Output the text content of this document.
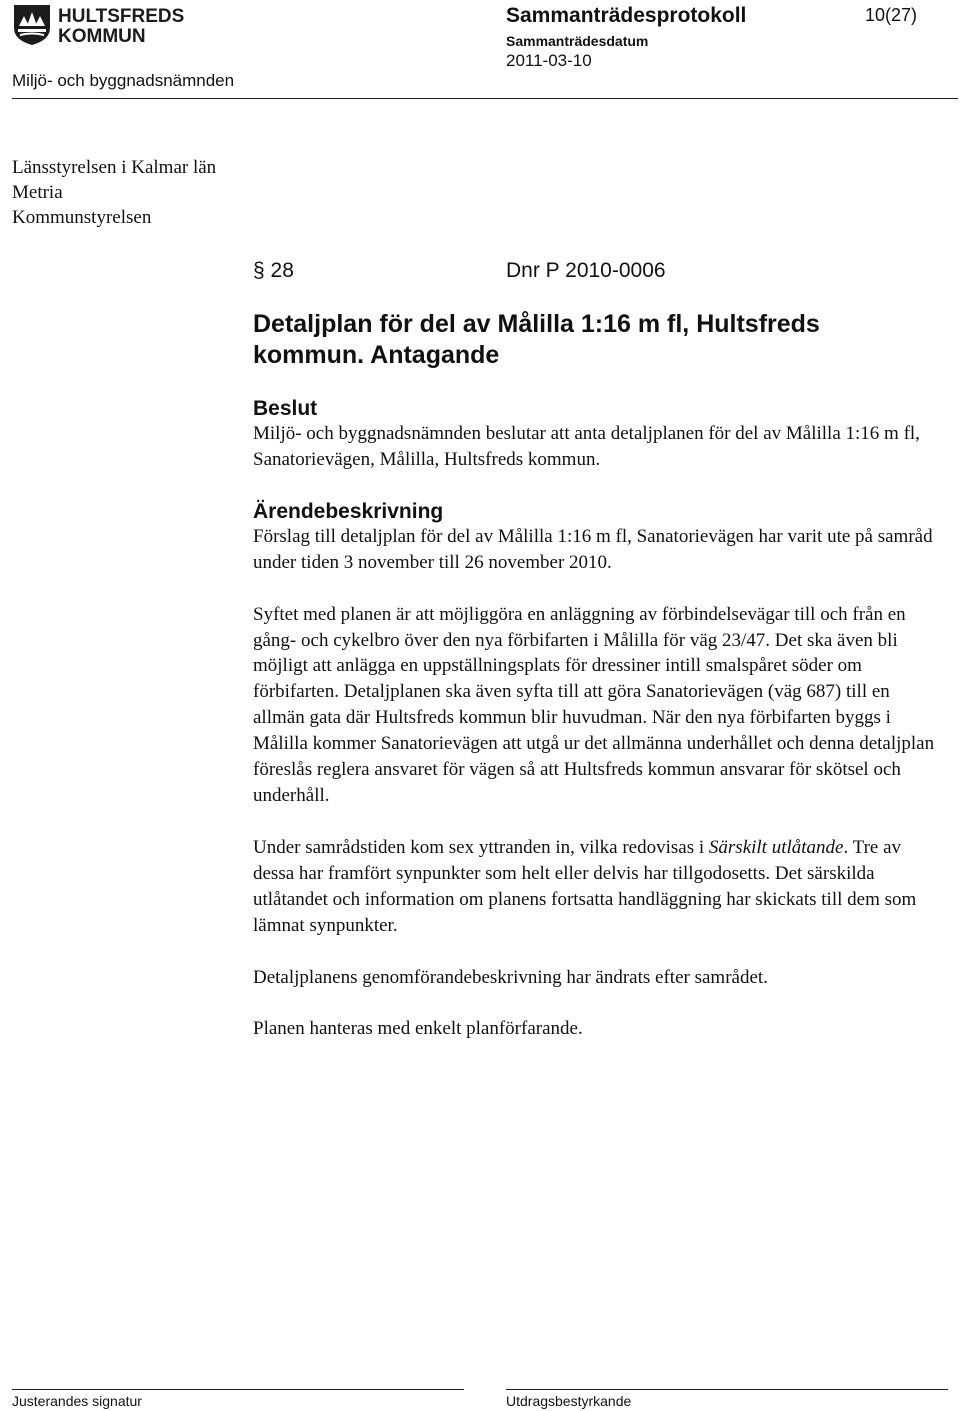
HULTSFREDS
KOMMUN
Sammanträdesprotokoll	10(27)
Sammanträdesdatum
2011-03-10
Miljö- och byggnadsnämnden
Länsstyrelsen i Kalmar län
Metria
Kommunstyrelsen
§ 28	Dnr P 2010-0006
Detaljplan för del av Målilla 1:16 m fl, Hultsfreds kommun. Antagande
Beslut

Miljö- och byggnadsnämnden beslutar att anta detaljplanen för del av Målilla 1:16 m fl, Sanatorievägen, Målilla, Hultsfreds kommun.

Ärendebeskrivning

Förslag till detaljplan för del av Målilla 1:16 m fl, Sanatorievägen har varit ute på samråd under tiden 3 november till 26 november 2010.

Syftet med planen är att möjliggöra en anläggning av förbindelsevägar till och från en gång- och cykelbro över den nya förbifarten i Målilla för väg 23/47. Det ska även bli möjligt att anlägga en uppställningsplats för dressiner intill smalspåret söder om förbifarten. Detaljplanen ska även syfta till att göra Sanatorievägen (väg 687) till en allmän gata där Hultsfreds kommun blir huvudman. När den nya förbifarten byggs i Målilla kommer Sanatorievägen att utgå ur det allmänna underhållet och denna detaljplan föreslås reglera ansvaret för vägen så att Hultsfreds kommun ansvarar för skötsel och underhåll.

Under samrådstiden kom sex yttranden in, vilka redovisas i Särskilt utlåtande. Tre av dessa har framfört synpunkter som helt eller delvis har tillgodosetts. Det särskilda utlåtandet och information om planens fortsatta handläggning har skickats till dem som lämnat synpunkter.

Detaljplanens genomförandebeskrivning har ändrats efter samrådet.

Planen hanteras med enkelt planförfarande.

Justerandes signatur	Utdragsbestyrkande
